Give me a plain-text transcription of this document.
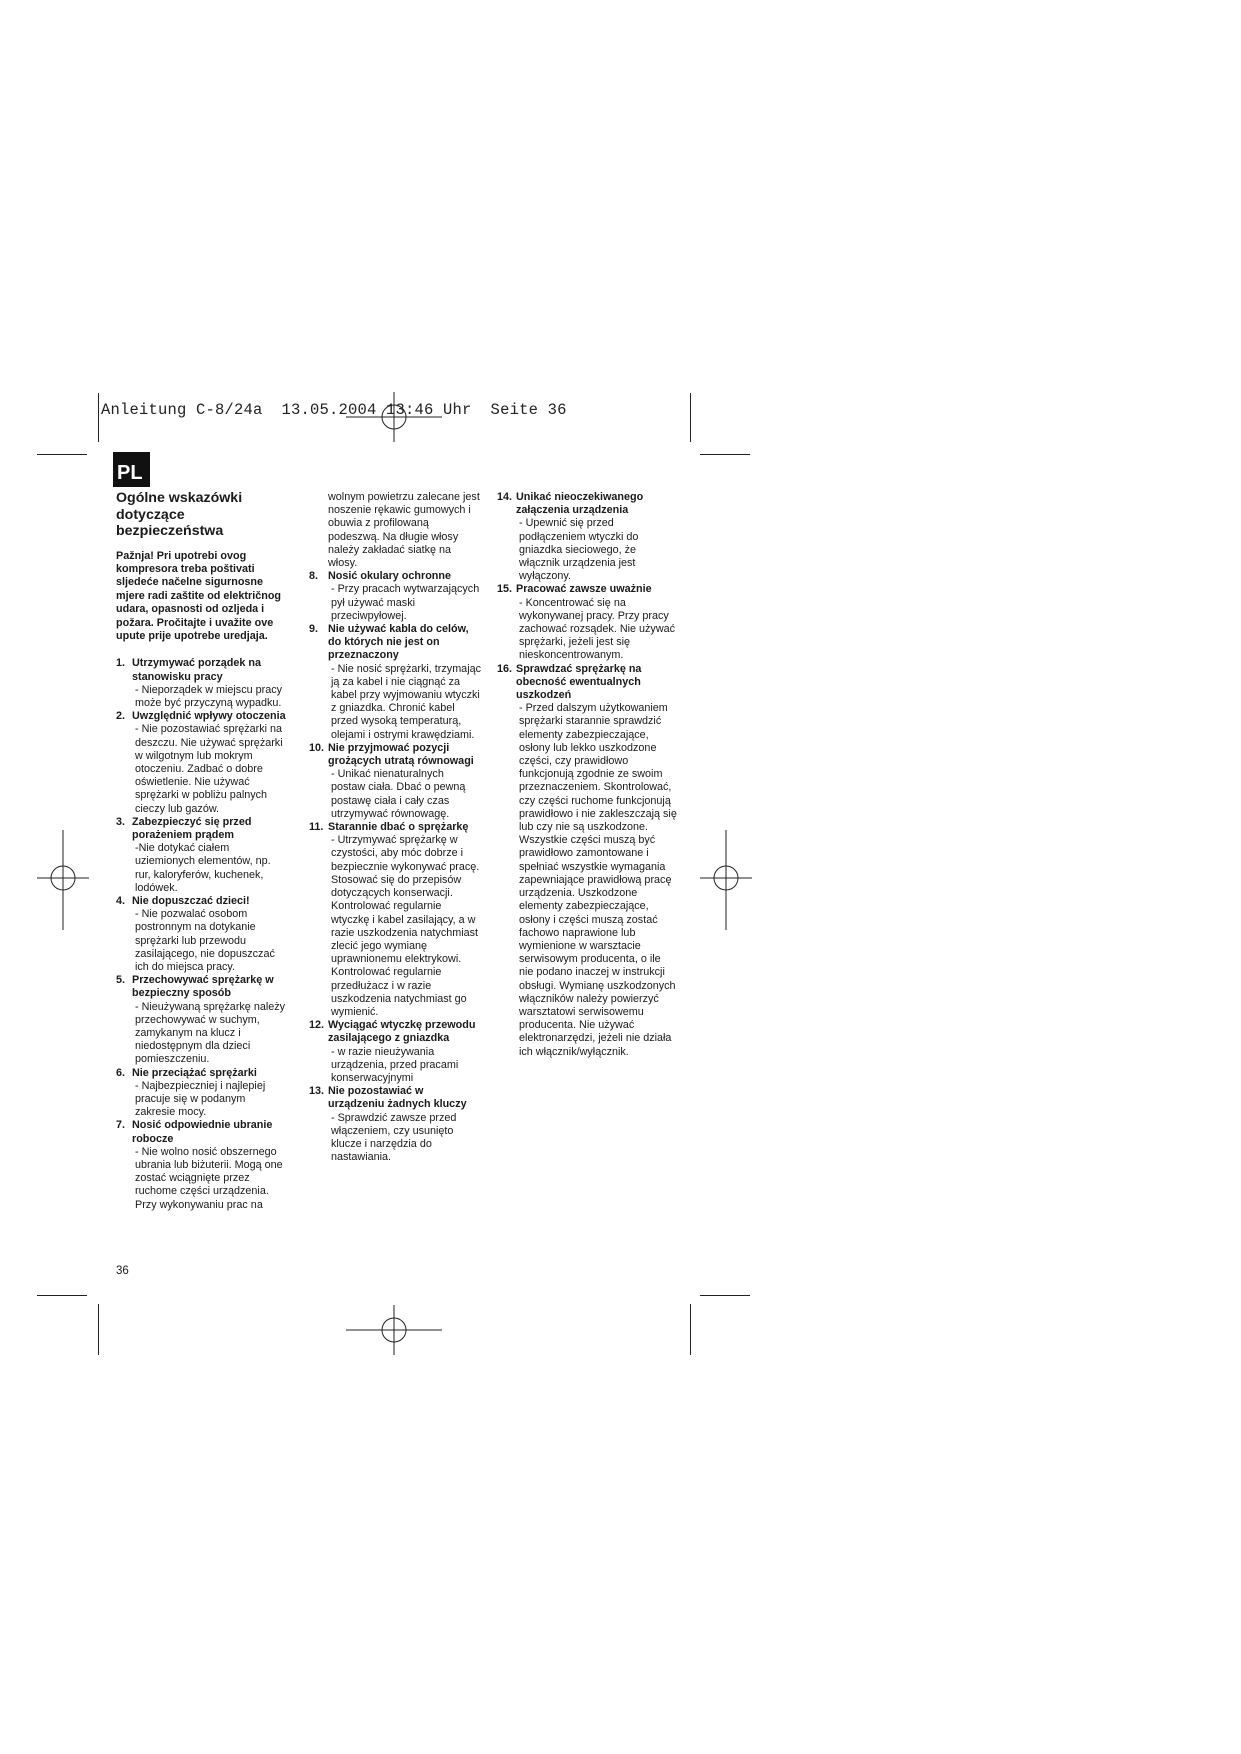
Anleitung C-8/24a  13.05.2004 13:46 Uhr  Seite 36
PL
Ogólne wskazówki dotyczące bezpieczeństwa
Pažnja! Pri upotrebi ovog kompresora treba poštivati sljedeće načelne sigurnosne mjere radi zaštite od električnog udara, opasnosti od ozljeda i požara. Pročitajte i uvažite ove upute prije upotrebe uredjaja.
1. Utrzymywać porządek na stanowisku pracy
- Nieporządek w miejscu pracy może być przyczyną wypadku.
2. Uwzględnić wpływy otoczenia
- Nie pozostawiać sprężarki na deszczu. Nie używać sprężarki w wilgotnym lub mokrym otoczeniu. Zadbać o dobre oświetlenie. Nie używać sprężarki w pobliżu palnych cieczy lub gazów.
3. Zabezpieczyć się przed porażeniem prądem
-Nie dotykać ciałem uziemionych elementów, np. rur, kaloryferów, kuchenek, lodówek.
4. Nie dopuszczać dzieci!
- Nie pozwalać osobom postronnym na dotykanie sprężarki lub przewodu zasilającego, nie dopuszczać ich do miejsca pracy.
5. Przechowywać sprężarkę w bezpieczny sposób
- Nieużywaną sprężarkę należy przechowywać w suchym, zamykanym na klucz i niedostępnym dla dzieci pomieszczeniu.
6. Nie przeciążać sprężarki
- Najbezpieczniej i najlepiej pracuje się w podanym zakresie mocy.
7. Nosić odpowiednie ubranie robocze
- Nie wolno nosić obszernego ubrania lub biżuterii. Mogą one zostać wciągnięte przez ruchome części urządzenia. Przy wykonywaniu prac na
wolnym powietrzu zalecane jest noszenie rękawic gumowych i obuwia z profilowaną podeszwą. Na długie włosy należy zakładać siatkę na włosy.
8. Nosić okulary ochronne
- Przy pracach wytwarzających pył używać maski przeciwpyłowej.
9. Nie używać kabla do celów, do których nie jest on przeznaczony
- Nie nosić sprężarki, trzymając ją za kabel i nie ciągnąć za kabel przy wyjmowaniu wtyczki z gniazdka. Chronić kabel przed wysoką temperaturą, olejami i ostrymi krawędziami.
10. Nie przyjmować pozycji grożących utratą równowagi
- Unikać nienaturalnych postaw ciała. Dbać o pewną postawę ciała i cały czas utrzymywać równowagę.
11. Starannie dbać o sprężarkę
- Utrzymywać sprężarkę w czystości, aby móc dobrze i bezpiecznie wykonywać pracę. Stosować się do przepisów dotyczących konserwacji. Kontrolować regularnie wtyczkę i kabel zasilający, a w razie uszkodzenia natychmiast zlecić jego wymianę uprawnionemu elektrykowi. Kontrolować regularnie przedłużacz i w razie uszkodzenia natychmiast go wymienić.
12. Wyciągać wtyczkę przewodu zasilającego z gniazdka
- w razie nieużywania urządzenia, przed pracami konserwacyjnymi
13. Nie pozostawiać w urządzeniu żadnych kluczy
- Sprawdzić zawsze przed włączeniem, czy usunięto klucze i narzędzia do nastawiania.
14. Unikać nieoczekiwanego załączenia urządzenia
- Upewnić się przed podłączeniem wtyczki do gniazdka sieciowego, że włącznik urządzenia jest wyłączony.
15. Pracować zawsze uważnie
- Koncentrować się na wykonywanej pracy. Przy pracy zachować rozsądek. Nie używać sprężarki, jeżeli jest się nieskoncentrowanym.
16. Sprawdzać sprężarkę na obecność ewentualnych uszkodzeń
- Przed dalszym użytkowaniem sprężarki starannie sprawdzić elementy zabezpieczające, osłony lub lekko uszkodzone części, czy prawidłowo funkcjonują zgodnie ze swoim przeznaczeniem. Skontrolować, czy części ruchome funkcjonują prawidłowo i nie zakleszczają się lub czy nie są uszkodzone. Wszystkie części muszą być prawidłowo zamontowane i spełniać wszystkie wymagania zapewniające prawidłową pracę urządzenia. Uszkodzone elementy zabezpieczające, osłony i części muszą zostać fachowo naprawione lub wymienione w warsztacie serwisowym producenta, o ile nie podano inaczej w instrukcji obsługi. Wymianę uszkodzonych włączników należy powierzyć warsztatowi serwisowemu producenta. Nie używać elektronarzędzi, jeżeli nie działa ich włącznik/wyłącznik.
36
